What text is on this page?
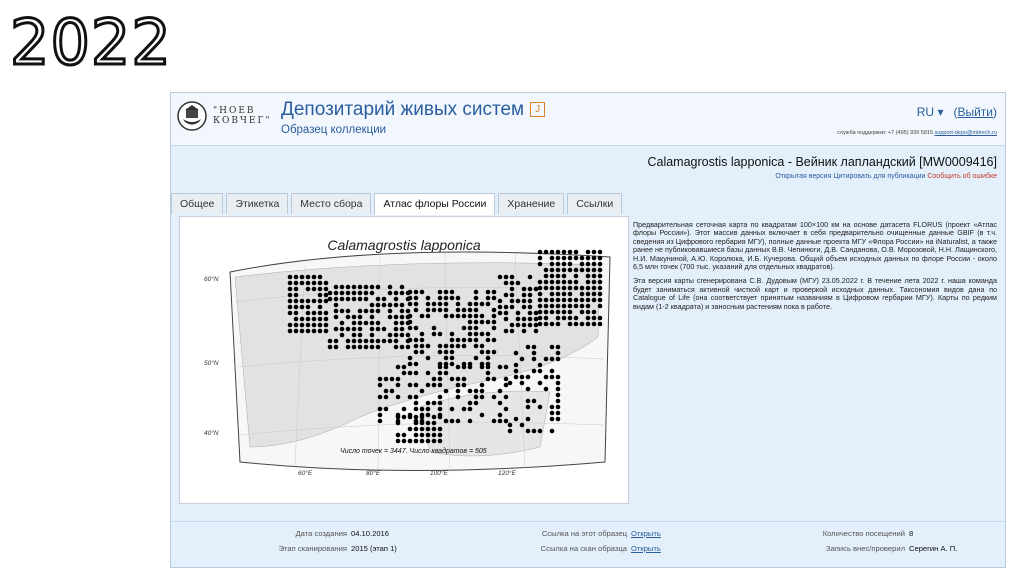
2022
"НОЕВ
КОВЧЕГ"
Депозитарий живых систем J
Образец коллекции
RU ▾   (Выйти)
служба поддержки: +7 (495) 939 5815 support-depo@mbtech.ru
Calamagrostis lapponica - Вейник лапландский [MW0009416]
Открытая версия Цитировать для публикации Сообщить об ошибке
Общее	Этикетка	Место сбора	Атлас флоры России	Хранение	Ссылки
Calamagrostis lapponica
60°N
50°N
40°N
60°E	80°E	100°E	120°E
Число точек = 3447. Число квадратов = 505

Предварительная сеточная карта по квадратам 100×100 км на основе датасета FLORUS (проект «Атлас флоры России»). Этот массив данных включает в себя предварительно очищенные данные GBIF (в т.ч. сведения из Цифрового гербария МГУ), полные данные проекта МГУ «Флора России» на iNaturalist, а также ранее не публиковавшиеся базы данных В.В. Чепинюги, Д.В. Санданова, О.В. Морозовой, Н.Н. Лащинского, Н.И. Макуниной, А.Ю. Королюка, И.Б. Кучерова. Общий объем исходных данных по флоре России - около 6,5 млн точек (700 тыс. указаний для отдельных квадратов).

Эта версия карты сгенерирована С.В. Дудовым (МГУ) 23.05.2022 г. В течение лета 2022 г. наша команда будет заниматься активной чисткой карт и проверкой исходных данных. Таксономия видов дана по Catalogue of Life (она соответствует принятым названиям в Цифровом гербарии МГУ). Карты по редким видам (1-2 квадрата) и заносным растениям пока в работе.

Дата создания 04.10.2016
Этап сканирования 2015 (этап 1)
Ссылка на этот образец Открыть
Ссылка на скан образца Открыть
Количество посещений 8
Запись внес/проверил Серегин А. П.
